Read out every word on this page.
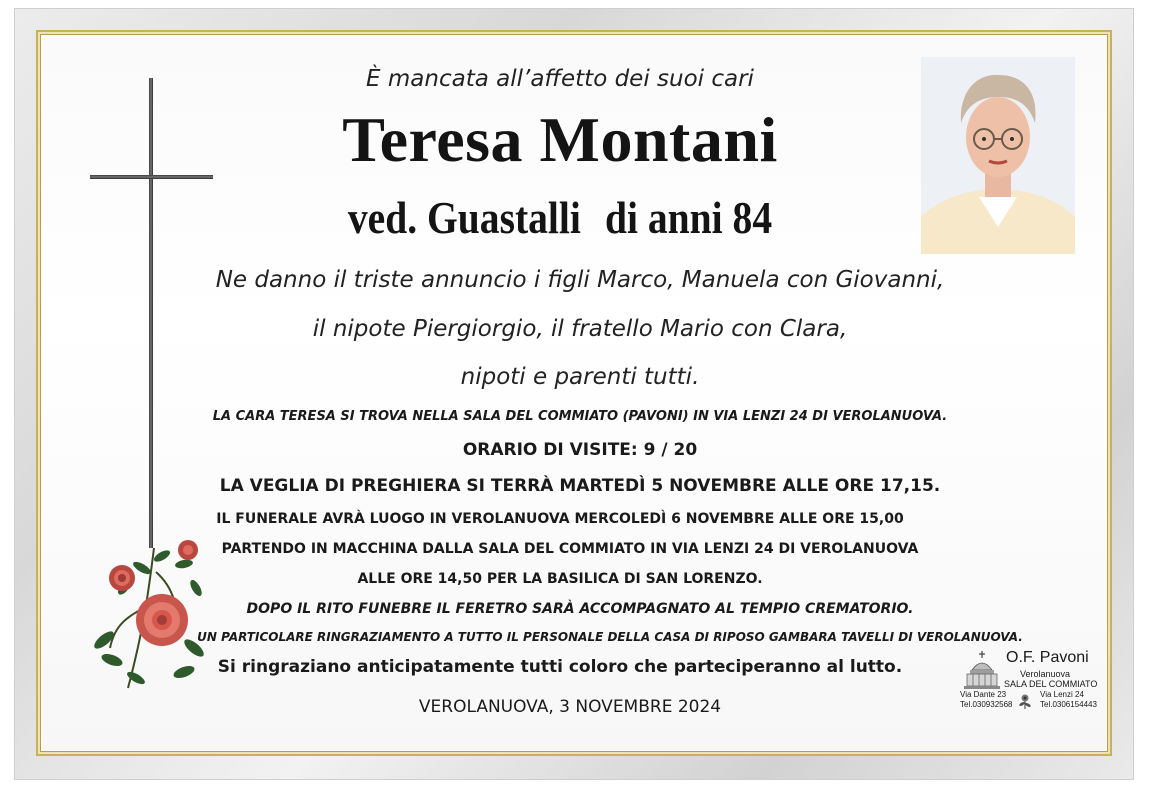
È mancata all’affetto dei suoi cari
Teresa Montani
ved. Guastalli di anni 84
Ne danno il triste annuncio i figli Marco, Manuela con Giovanni,
il nipote Piergiorgio, il fratello Mario con Clara,
nipoti e parenti tutti.
LA CARA TERESA SI TROVA NELLA SALA DEL COMMIATO (PAVONI) IN VIA LENZI 24 DI VEROLANUOVA.
ORARIO DI VISITE: 9 / 20
LA VEGLIA DI PREGHIERA SI TERRÀ MARTEDÌ 5 NOVEMBRE ALLE ORE 17,15.
IL FUNERALE AVRÀ LUOGO IN VEROLANUOVA MERCOLEDÌ 6 NOVEMBRE ALLE ORE 15,00
PARTENDO IN MACCHINA DALLA SALA DEL COMMIATO IN VIA LENZI 24 DI VEROLANUOVA
ALLE ORE 14,50 PER LA BASILICA DI SAN LORENZO.
DOPO IL RITO FUNEBRE IL FERETRO SARÀ ACCOMPAGNATO AL TEMPIO CREMATORIO.
UN PARTICOLARE RINGRAZIAMENTO A TUTTO IL PERSONALE DELLA CASA DI RIPOSO GAMBARA TAVELLI DI VEROLANUOVA.
Si ringraziano anticipatamente tutti coloro che parteciperanno al lutto.
VEROLANUOVA, 3 NOVEMBRE 2024
O.F. Pavoni
Verolanuova
SALA DEL COMMIATO
Via Dante 23
Tel.030932568
Via Lenzi 24
Tel.0306154443
